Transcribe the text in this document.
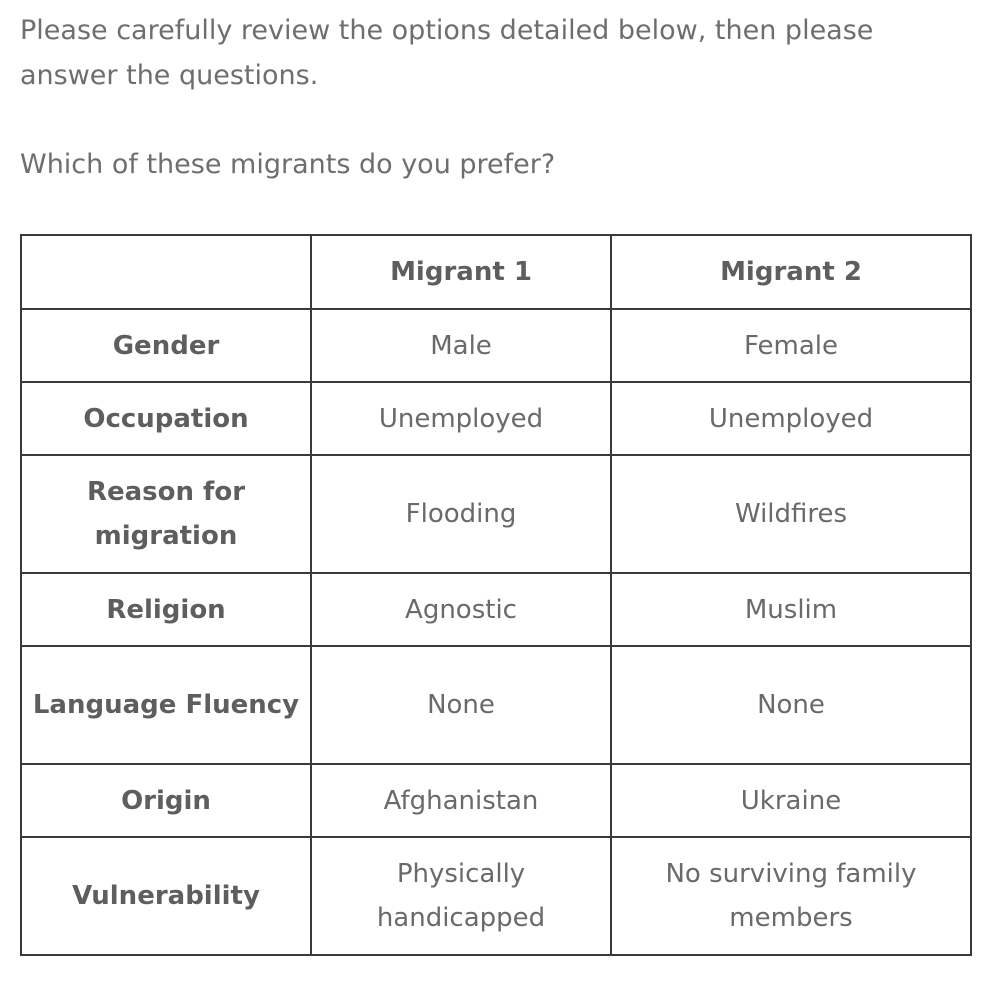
Please carefully review the options detailed below, then please answer the questions.

Which of these migrants do you prefer?

	Migrant 1	Migrant 2
Gender	Male	Female
Occupation	Unemployed	Unemployed
Reason for migration	Flooding	Wildfires
Religion	Agnostic	Muslim
Language Fluency	None	None
Origin	Afghanistan	Ukraine
Vulnerability	Physically handicapped	No surviving family members
